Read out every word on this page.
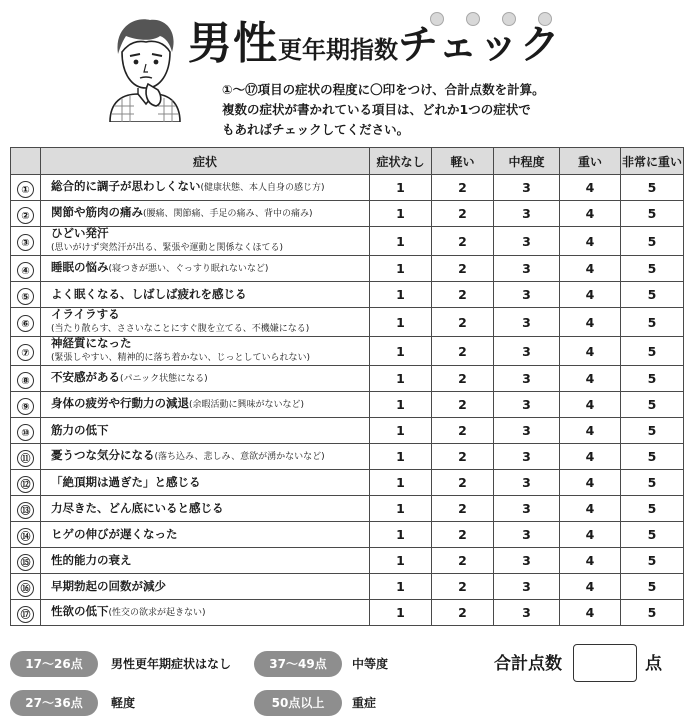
男性更年期指数チェック
①〜⑰項目の症状の程度に〇印をつけ、合計点数を計算。
複数の症状が書かれている項目は、どれか1つの症状で
もあればチェックしてください。
	症状	症状なし	軽い	中程度	重い	非常に重い
①	総合的に調子が思わしくない(健康状態、本人自身の感じ方)	1	2	3	4	5
②	関節や筋肉の痛み(腰痛、関節痛、手足の痛み、背中の痛み)	1	2	3	4	5
③	ひどい発汗
(思いがけず突然汗が出る、緊張や運動と関係なくほてる)	1	2	3	4	5
④	睡眠の悩み(寝つきが悪い、ぐっすり眠れないなど)	1	2	3	4	5
⑤	よく眠くなる、しばしば疲れを感じる	1	2	3	4	5
⑥	イライラする
(当たり散らす、ささいなことにすぐ腹を立てる、不機嫌になる)	1	2	3	4	5
⑦	神経質になった
(緊張しやすい、精神的に落ち着かない、じっとしていられない)	1	2	3	4	5
⑧	不安感がある(パニック状態になる)	1	2	3	4	5
⑨	身体の疲労や行動力の減退(余暇活動に興味がないなど)	1	2	3	4	5
⑩	筋力の低下	1	2	3	4	5
⑪	憂うつな気分になる(落ち込み、悲しみ、意欲が湧かないなど)	1	2	3	4	5
⑫	「絶頂期は過ぎた」と感じる	1	2	3	4	5
⑬	力尽きた、どん底にいると感じる	1	2	3	4	5
⑭	ヒゲの伸びが遅くなった	1	2	3	4	5
⑮	性的能力の衰え	1	2	3	4	5
⑯	早期勃起の回数が減少	1	2	3	4	5
⑰	性欲の低下(性交の欲求が起きない)	1	2	3	4	5
17〜26点	男性更年期症状はなし	37〜49点	中等度
27〜36点	軽度	50点以上	重症
合計点数	点
